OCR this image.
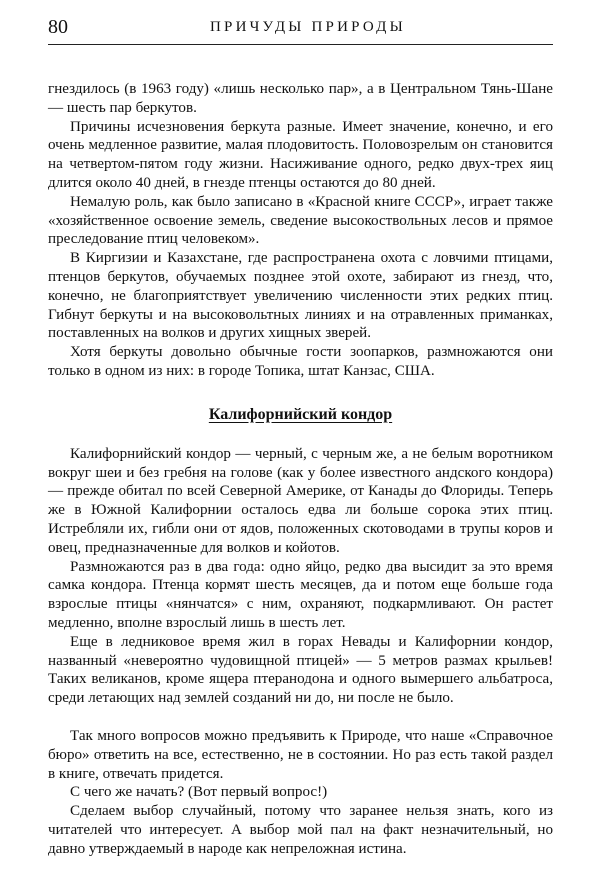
80	ПРИЧУДЫ ПРИРОДЫ

гнездилось (в 1963 году) «лишь несколько пар», а в Центральном Тянь-Шане — шесть пар беркутов.

Причины исчезновения беркута разные. Имеет значение, конечно, и его очень медленное развитие, малая плодовитость. Половозрелым он становится на четвертом-пятом году жизни. Насиживание одного, редко двух-трех яиц длится около 40 дней, в гнезде птенцы остаются до 80 дней.

Немалую роль, как было записано в «Красной книге СССР», играет также «хозяйственное освоение земель, сведение высокоствольных лесов и прямое преследование птиц человеком».

В Киргизии и Казахстане, где распространена охота с ловчими птицами, птенцов беркутов, обучаемых позднее этой охоте, забирают из гнезд, что, конечно, не благоприятствует увеличению численности этих редких птиц. Гибнут беркуты и на высоковольтных линиях и на отравленных приманках, поставленных на волков и других хищных зверей.

Хотя беркуты довольно обычные гости зоопарков, размножаются они только в одном из них: в городе Топика, штат Канзас, США.

Калифорнийский кондор

Калифорнийский кондор — черный, с черным же, а не белым воротником вокруг шеи и без гребня на голове (как у более известного андского кондора) — прежде обитал по всей Северной Америке, от Канады до Флориды. Теперь же в Южной Калифорнии осталось едва ли больше сорока этих птиц. Истребляли их, гибли они от ядов, положенных скотоводами в трупы коров и овец, предназначенные для волков и койотов.

Размножаются раз в два года: одно яйцо, редко два высидит за это время самка кондора. Птенца кормят шесть месяцев, да и потом еще больше года взрослые птицы «нянчатся» с ним, охраняют, подкармливают. Он растет медленно, вполне взрослый лишь в шесть лет.

Еще в ледниковое время жил в горах Невады и Калифорнии кондор, названный «невероятно чудовищной птицей» — 5 метров размах крыльев! Таких великанов, кроме ящера птеранодона и одного вымершего альбатроса, среди летающих над землей созданий ни до, ни после не было.

Так много вопросов можно предъявить к Природе, что наше «Справочное бюро» ответить на все, естественно, не в состоянии. Но раз есть такой раздел в книге, отвечать придется.

С чего же начать? (Вот первый вопрос!)

Сделаем выбор случайный, потому что заранее нельзя знать, кого из читателей что интересует. А выбор мой пал на факт незначительный, но давно утверждаемый в народе как непреложная истина.
